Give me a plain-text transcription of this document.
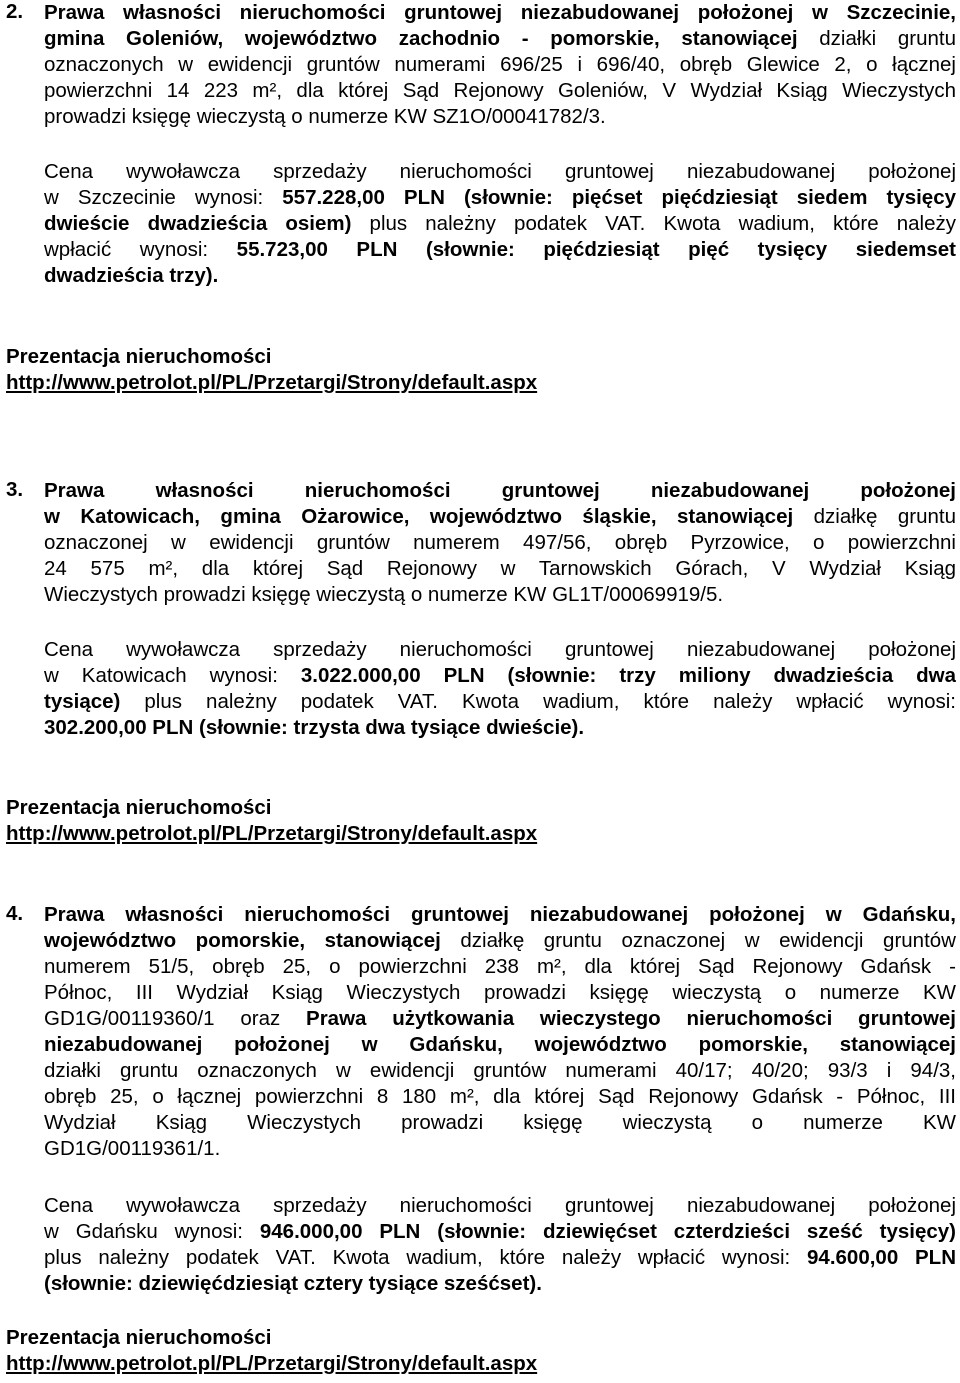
2.	Prawa własności nieruchomości gruntowej niezabudowanej położonej w Szczecinie,
gmina Goleniów, województwo zachodnio - pomorskie, stanowiącej działki gruntu
oznaczonych w ewidencji gruntów numerami 696/25 i 696/40, obręb Glewice 2, o łącznej
powierzchni 14 223 m², dla której Sąd Rejonowy Goleniów, V Wydział Ksiąg Wieczystych
prowadzi księgę wieczystą o numerze KW SZ1O/00041782/3.
Cena wywoławcza sprzedaży nieruchomości gruntowej niezabudowanej położonej
w Szczecinie wynosi: 557.228,00 PLN (słownie: pięćset pięćdziesiąt siedem tysięcy
dwieście dwadzieścia osiem) plus należny podatek VAT. Kwota wadium, które należy
wpłacić wynosi: 55.723,00 PLN (słownie: pięćdziesiąt pięć tysięcy siedemset
dwadzieścia trzy).
Prezentacja nieruchomości
http://www.petrolot.pl/PL/Przetargi/Strony/default.aspx
3.	Prawa własności nieruchomości gruntowej niezabudowanej położonej
w Katowicach, gmina Ożarowice, województwo śląskie, stanowiącej działkę gruntu
oznaczonej w ewidencji gruntów numerem 497/56, obręb Pyrzowice, o powierzchni
24 575 m², dla której Sąd Rejonowy w Tarnowskich Górach, V Wydział Ksiąg
Wieczystych prowadzi księgę wieczystą o numerze KW GL1T/00069919/5.
Cena wywoławcza sprzedaży nieruchomości gruntowej niezabudowanej położonej
w Katowicach wynosi: 3.022.000,00 PLN (słownie: trzy miliony dwadzieścia dwa
tysiące) plus należny podatek VAT. Kwota wadium, które należy wpłacić wynosi:
302.200,00 PLN (słownie: trzysta dwa tysiące dwieście).
Prezentacja nieruchomości
http://www.petrolot.pl/PL/Przetargi/Strony/default.aspx
4.	Prawa własności nieruchomości gruntowej niezabudowanej położonej w Gdańsku,
województwo pomorskie, stanowiącej działkę gruntu oznaczonej w ewidencji gruntów
numerem 51/5, obręb 25, o powierzchni 238 m², dla której Sąd Rejonowy Gdańsk -
Północ, III Wydział Ksiąg Wieczystych prowadzi księgę wieczystą o numerze KW
GD1G/00119360/1 oraz Prawa użytkowania wieczystego nieruchomości gruntowej
niezabudowanej położonej w Gdańsku, województwo pomorskie, stanowiącej
działki gruntu oznaczonych w ewidencji gruntów numerami 40/17; 40/20; 93/3 i 94/3,
obręb 25, o łącznej powierzchni 8 180 m², dla której Sąd Rejonowy Gdańsk - Północ, III
Wydział Ksiąg Wieczystych prowadzi księgę wieczystą o numerze KW
GD1G/00119361/1.
Cena wywoławcza sprzedaży nieruchomości gruntowej niezabudowanej położonej
w Gdańsku wynosi: 946.000,00 PLN (słownie: dziewięćset czterdzieści sześć tysięcy)
plus należny podatek VAT. Kwota wadium, które należy wpłacić wynosi: 94.600,00 PLN
(słownie: dziewięćdziesiąt cztery tysiące sześćset).
Prezentacja nieruchomości
http://www.petrolot.pl/PL/Przetargi/Strony/default.aspx
